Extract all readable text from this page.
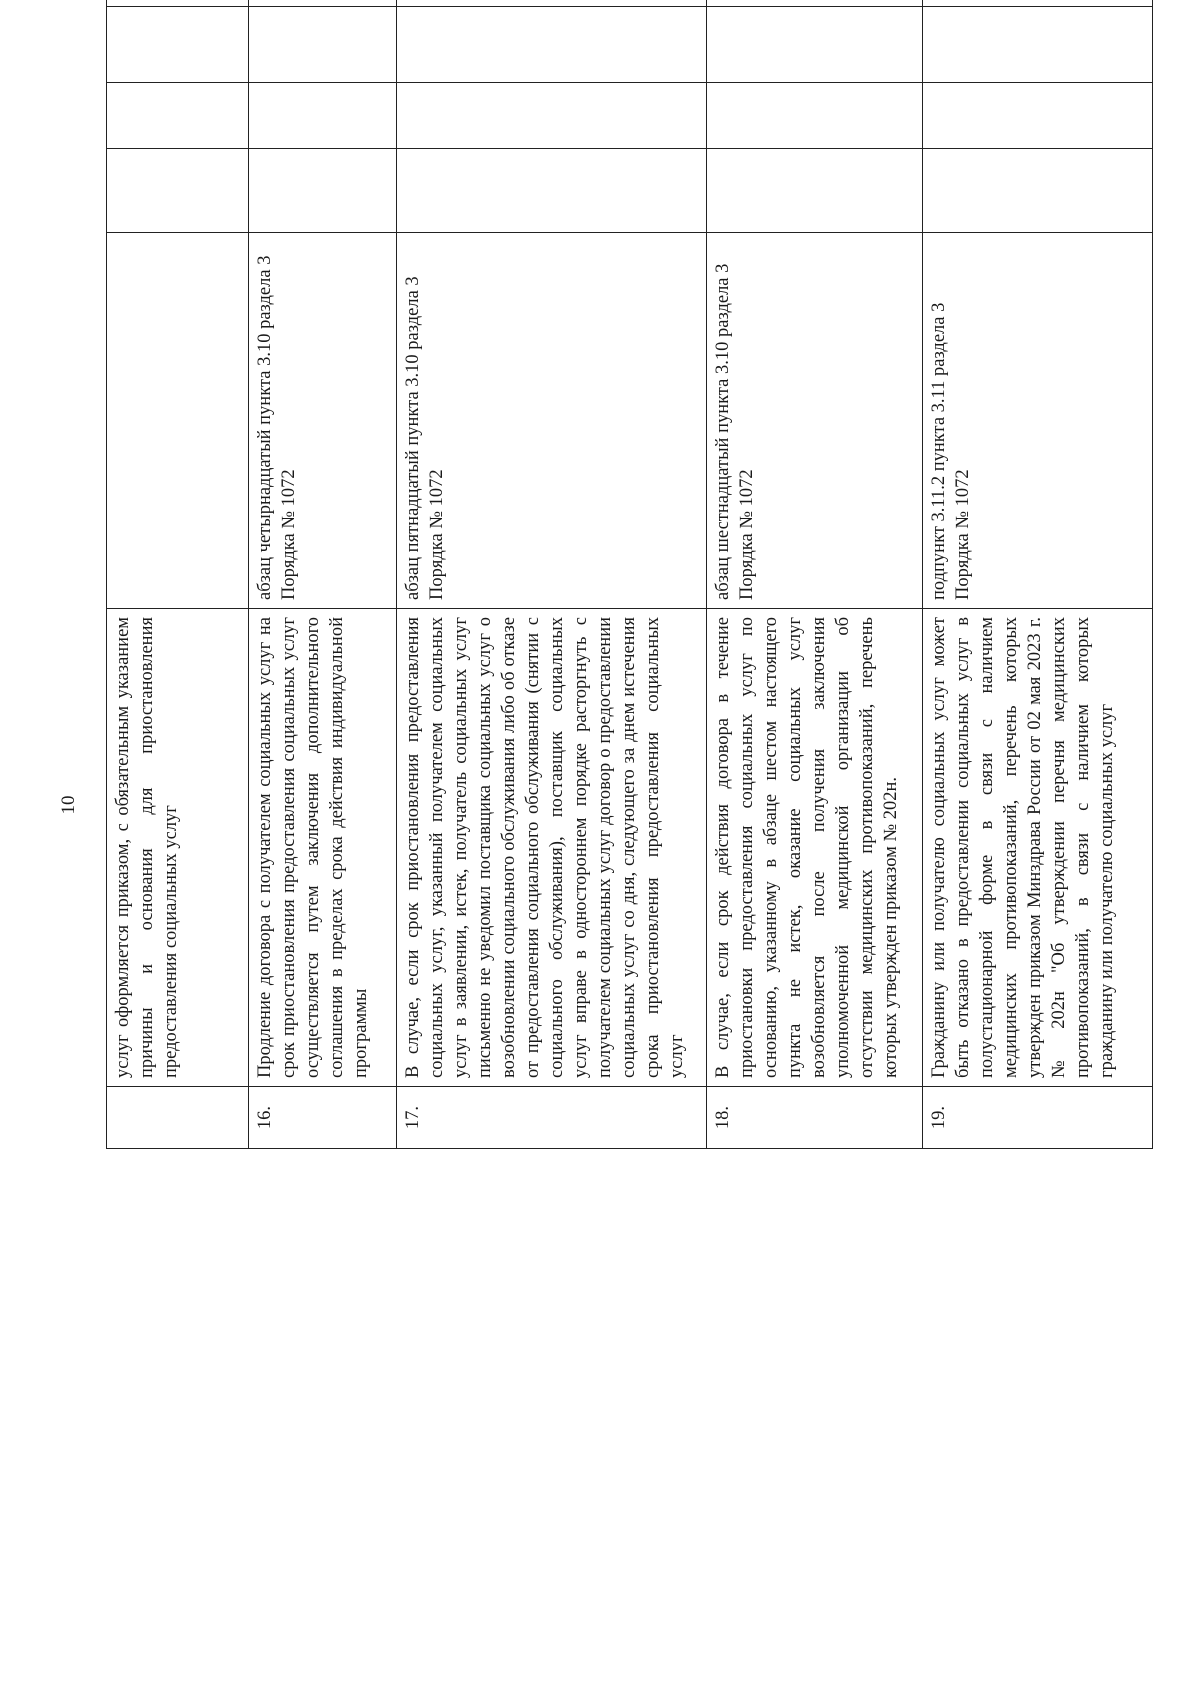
10
	услуг оформляется приказом, с обязательным указанием причины и основания для приостановления предоставления социальных услуг					
16.	Продление договора с получателем социальных услуг на срок приостановления предоставления социальных услуг осуществляется путем заключения дополнительного соглашения в пределах срока действия индивидуальной программы	абзац четырнадцатый пункта 3.10 раздела 3 Порядка № 1072				
17.	В случае, если срок приостановления предоставления социальных услуг, указанный получателем социальных услуг в заявлении, истек, получатель социальных услуг письменно не уведомил поставщика социальных услуг о возобновлении социального обслуживания либо об отказе от предоставления социального обслуживания (снятии с социального обслуживания), поставщик социальных услуг вправе в одностороннем порядке расторгнуть с получателем социальных услуг договор о предоставлении социальных услуг со дня, следующего за днем истечения срока приостановления предоставления социальных услуг	абзац пятнадцатый пункта 3.10 раздела 3 Порядка № 1072				
18.	В случае, если срок действия договора в течение приостановки предоставления социальных услуг по основанию, указанному в абзаце шестом настоящего пункта не истек, оказание социальных услуг возобновляется после получения заключения уполномоченной медицинской организации об отсутствии медицинских противопоказаний, перечень которых утвержден приказом № 202н.	абзац шестнадцатый пункта 3.10 раздела 3 Порядка № 1072				
19.	Гражданину или получателю социальных услуг может быть отказано в предоставлении социальных услуг в полустационарной форме в связи с наличием медицинских противопоказаний, перечень которых утвержден приказом Минздрава России от 02 мая 2023 г. № 202н "Об утверждении перечня медицинских противопоказаний, в связи с наличием которых гражданину или получателю социальных услуг	подпункт 3.11.2 пункта 3.11 раздела 3 Порядка № 1072				
